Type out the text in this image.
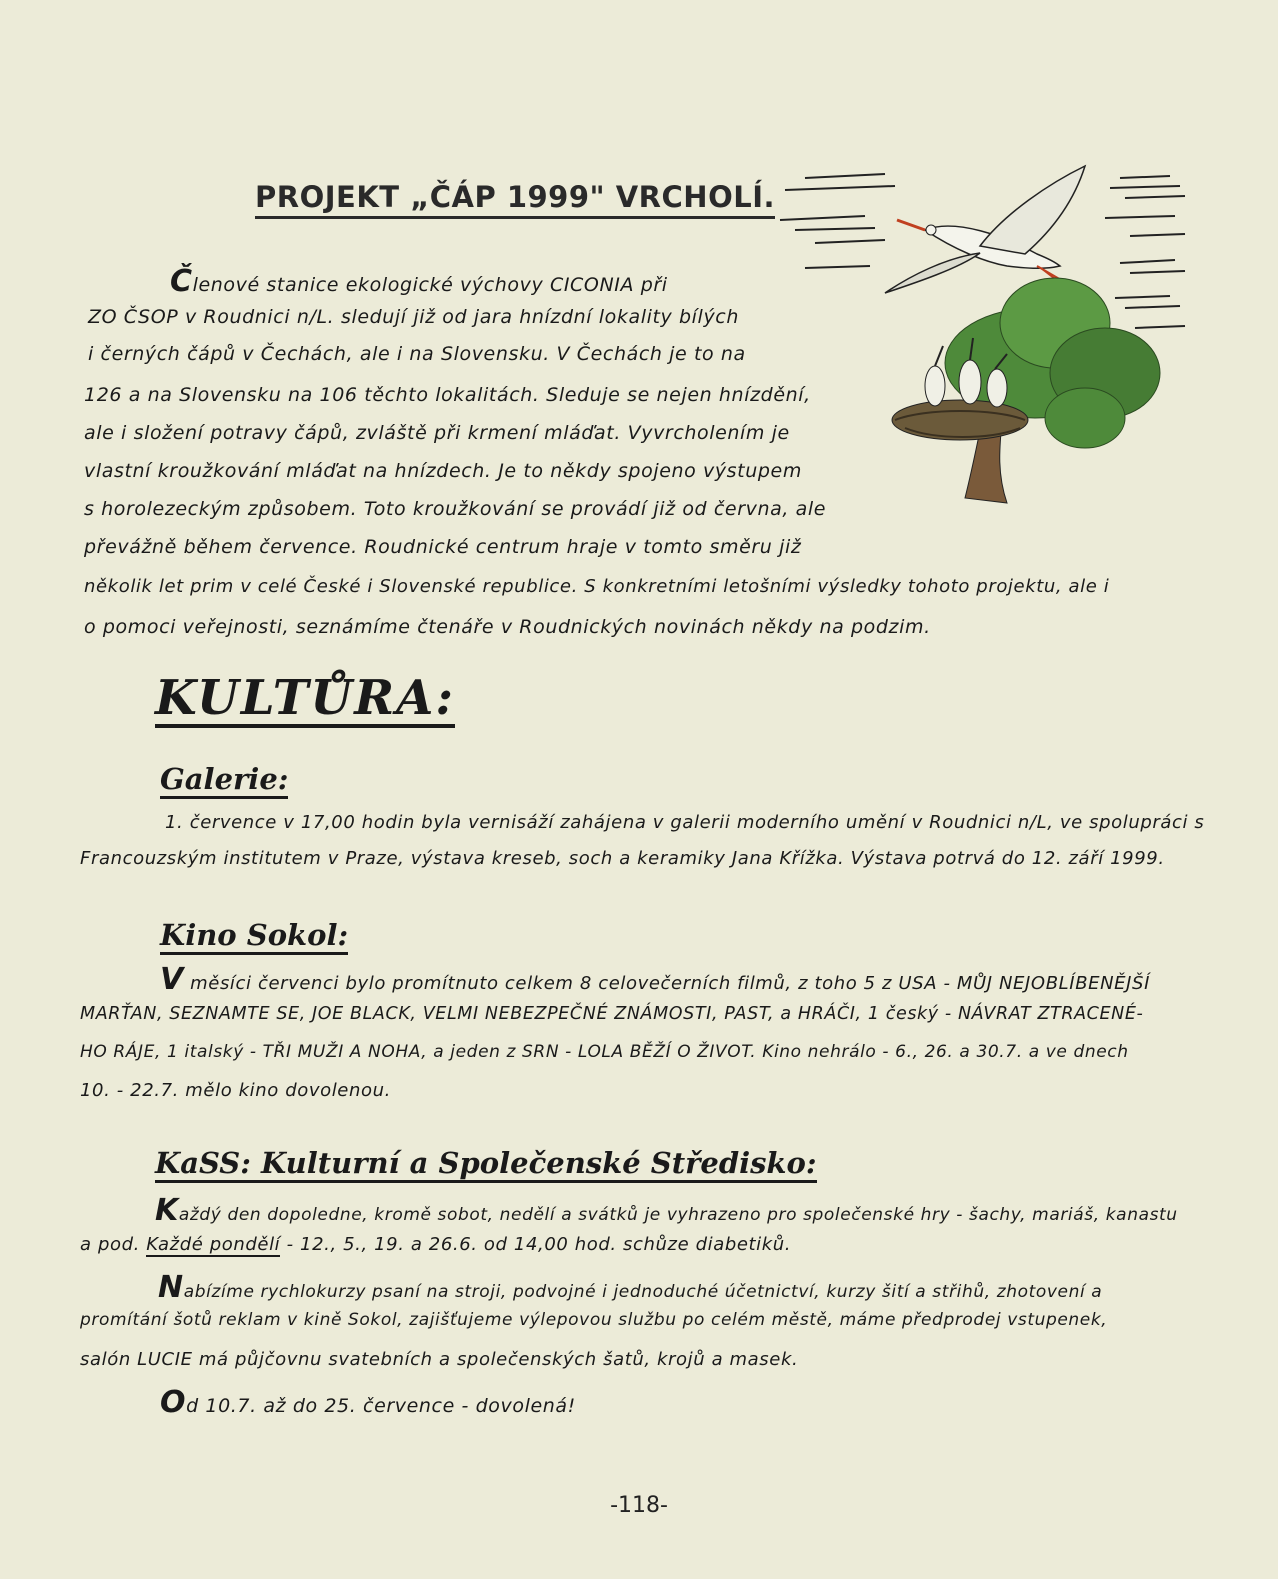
PROJEKT „ČÁP 1999" VRCHOLÍ.

Členové stanice ekologické výchovy CICONIA při

ZO ČSOP v Roudnici n/L. sledují již od jara hnízdní lokality bílých

i černých čápů v Čechách, ale i na Slovensku. V Čechách je to na

126 a na Slovensku na 106 těchto lokalitách. Sleduje se nejen hnízdění,

ale i složení potravy čápů, zvláště při krmení mláďat. Vyvrcholením je

vlastní kroužkování mláďat na hnízdech. Je to někdy spojeno výstupem

s horolezeckým způsobem. Toto kroužkování se provádí již od června, ale

převážně během července. Roudnické centrum hraje v tomto směru již

několik let prim v celé České i Slovenské republice. S konkretními letošními výsledky tohoto projektu, ale i

o pomoci veřejnosti, seznámíme čtenáře v Roudnických novinách někdy na podzim.

KULTŮRA:
Galerie:

1. července v 17,00 hodin byla vernisáží zahájena v galerii moderního umění v Roudnici n/L, ve spolupráci s

Francouzským institutem v Praze, výstava kreseb, soch a keramiky Jana Křížka. Výstava potrvá do 12. září 1999.

Kino Sokol:

V měsíci červenci bylo promítnuto celkem 8 celovečerních filmů, z toho 5 z USA - MŮJ NEJOBLÍBENĚJŠÍ

MARŤAN, SEZNAMTE SE, JOE BLACK, VELMI NEBEZPEČNÉ ZNÁMOSTI, PAST, a HRÁČI, 1 český - NÁVRAT ZTRACENÉ-

HO RÁJE, 1 italský - TŘI MUŽI A NOHA, a jeden z SRN - LOLA BĚŽÍ O ŽIVOT. Kino nehrálo - 6., 26. a 30.7. a ve dnech

10. - 22.7. mělo kino dovolenou.

KaSS: Kulturní a Společenské Středisko:

Každý den dopoledne, kromě sobot, nedělí a svátků je vyhrazeno pro společenské hry - šachy, mariáš, kanastu

a pod. Každé pondělí - 12., 5., 19. a 26.6. od 14,00 hod. schůze diabetiků.

Nabízíme rychlokurzy psaní na stroji, podvojné i jednoduché účetnictví, kurzy šití a střihů, zhotovení a

promítání šotů reklam v kině Sokol, zajišťujeme výlepovou službu po celém městě, máme předprodej vstupenek,

salón LUCIE má půjčovnu svatebních a společenských šatů, krojů a masek.

Od 10.7. až do 25. července - dovolená!

-118-
